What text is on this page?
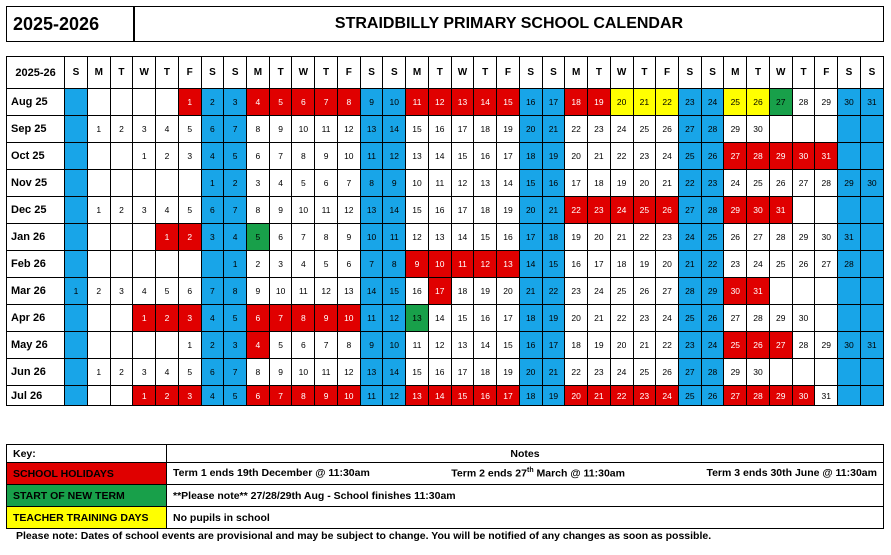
2025-2026	STRAIDBILLY PRIMARY SCHOOL CALENDAR
2025-26	S	M	T	W	T	F	S	S	M	T	W	T	F	S	S	M	T	W	T	F	S	S	M	T	W	T	F	S	S	M	T	W	T	F	S	S
Aug 25						1	2	3	4	5	6	7	8	9	10	11	12	13	14	15	16	17	18	19	20	21	22	23	24	25	26	27	28	29	30	31
Sep 25		1	2	3	4	5	6	7	8	9	10	11	12	13	14	15	16	17	18	19	20	21	22	23	24	25	26	27	28	29	30					
Oct 25				1	2	3	4	5	6	7	8	9	10	11	12	13	14	15	16	17	18	19	20	21	22	23	24	25	26	27	28	29	30	31		
Nov 25							1	2	3	4	5	6	7	8	9	10	11	12	13	14	15	16	17	18	19	20	21	22	23	24	25	26	27	28	29	30
Dec 25		1	2	3	4	5	6	7	8	9	10	11	12	13	14	15	16	17	18	19	20	21	22	23	24	25	26	27	28	29	30	31				
Jan 26					1	2	3	4	5	6	7	8	9	10	11	12	13	14	15	16	17	18	19	20	21	22	23	24	25	26	27	28	29	30	31	
Feb 26								1	2	3	4	5	6	7	8	9	10	11	12	13	14	15	16	17	18	19	20	21	22	23	24	25	26	27	28	
Mar 26	1	2	3	4	5	6	7	8	9	10	11	12	13	14	15	16	17	18	19	20	21	22	23	24	25	26	27	28	29	30	31					
Apr 26				1	2	3	4	5	6	7	8	9	10	11	12	13	14	15	16	17	18	19	20	21	22	23	24	25	26	27	28	29	30			
May 26						1	2	3	4	5	6	7	8	9	10	11	12	13	14	15	16	17	18	19	20	21	22	23	24	25	26	27	28	29	30	31
Jun 26		1	2	3	4	5	6	7	8	9	10	11	12	13	14	15	16	17	18	19	20	21	22	23	24	25	26	27	28	29	30					
Jul 26				1	2	3	4	5	6	7	8	9	10	11	12	13	14	15	16	17	18	19	20	21	22	23	24	25	26	27	28	29	30	31		
Key:	Notes
SCHOOL HOLIDAYS	Term 1 ends 19th December @ 11:30am Term 2 ends 27th March @ 11:30am Term 3 ends 30th June @ 11:30am

START OF NEW TERM	**Please note** 27/28/29th Aug - School finishes 11:30am
TEACHER TRAINING DAYS	No pupils in school
Please note: Dates of school events are provisional and may be subject to change. You will be notified of any changes as soon as possible.
